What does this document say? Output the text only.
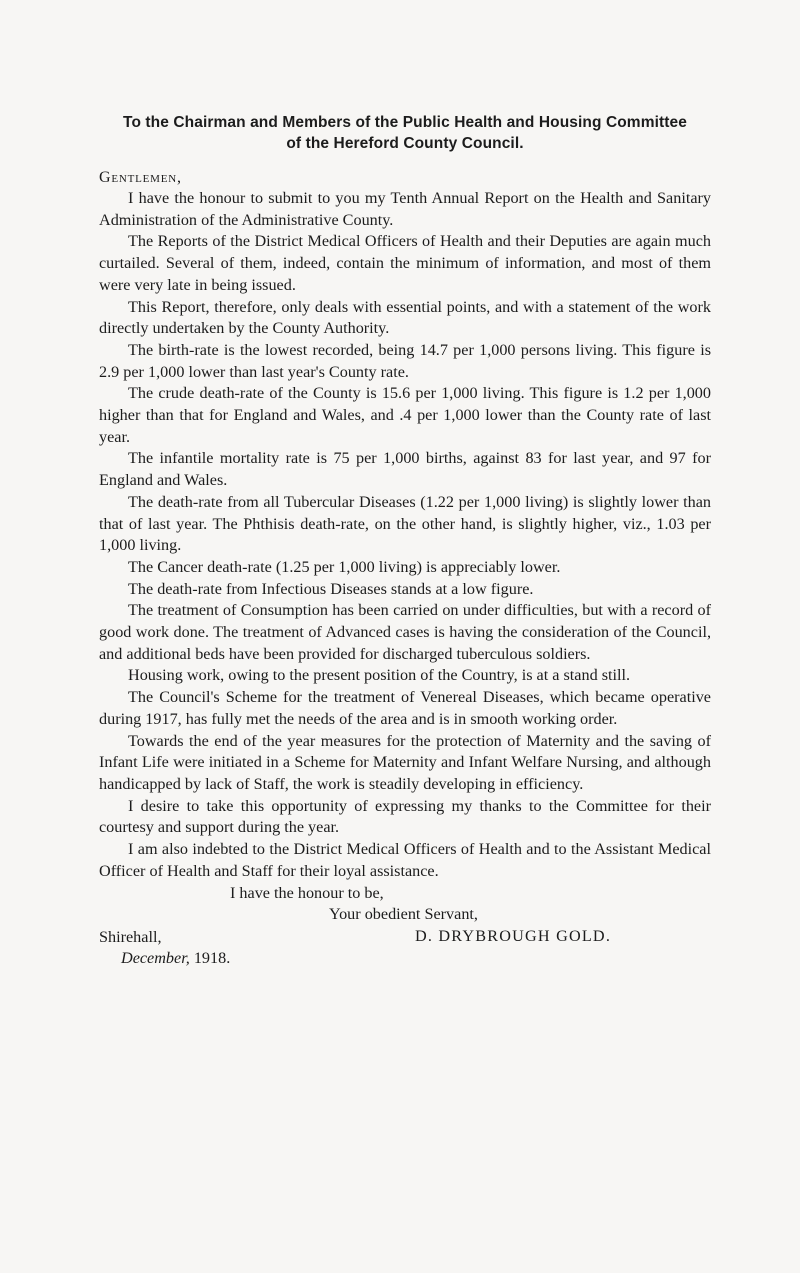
To the Chairman and Members of the Public Health and Housing Committee
of the Hereford County Council.
Gentlemen,

I have the honour to submit to you my Tenth Annual Report on the Health and Sanitary Administration of the Administrative County.

The Reports of the District Medical Officers of Health and their Deputies are again much curtailed. Several of them, indeed, contain the minimum of information, and most of them were very late in being issued.

This Report, therefore, only deals with essential points, and with a statement of the work directly undertaken by the County Authority.

The birth-rate is the lowest recorded, being 14.7 per 1,000 persons living. This figure is 2.9 per 1,000 lower than last year's County rate.

The crude death-rate of the County is 15.6 per 1,000 living. This figure is 1.2 per 1,000 higher than that for England and Wales, and .4 per 1,000 lower than the County rate of last year.

The infantile mortality rate is 75 per 1,000 births, against 83 for last year, and 97 for England and Wales.

The death-rate from all Tubercular Diseases (1.22 per 1,000 living) is slightly lower than that of last year. The Phthisis death-rate, on the other hand, is slightly higher, viz., 1.03 per 1,000 living.

The Cancer death-rate (1.25 per 1,000 living) is appreciably lower.

The death-rate from Infectious Diseases stands at a low figure.

The treatment of Consumption has been carried on under difficulties, but with a record of good work done. The treatment of Advanced cases is having the consideration of the Council, and additional beds have been provided for discharged tuberculous soldiers.

Housing work, owing to the present position of the Country, is at a stand still.

The Council's Scheme for the treatment of Venereal Diseases, which became operative during 1917, has fully met the needs of the area and is in smooth working order.

Towards the end of the year measures for the protection of Maternity and the saving of Infant Life were initiated in a Scheme for Maternity and Infant Welfare Nursing, and although handicapped by lack of Staff, the work is steadily developing in efficiency.

I desire to take this opportunity of expressing my thanks to the Committee for their courtesy and support during the year.

I am also indebted to the District Medical Officers of Health and to the Assistant Medical Officer of Health and Staff for their loyal assistance.

I have the honour to be,
Your obedient Servant,
D. DRYBROUGH GOLD.
Shirehall,
December, 1918.
